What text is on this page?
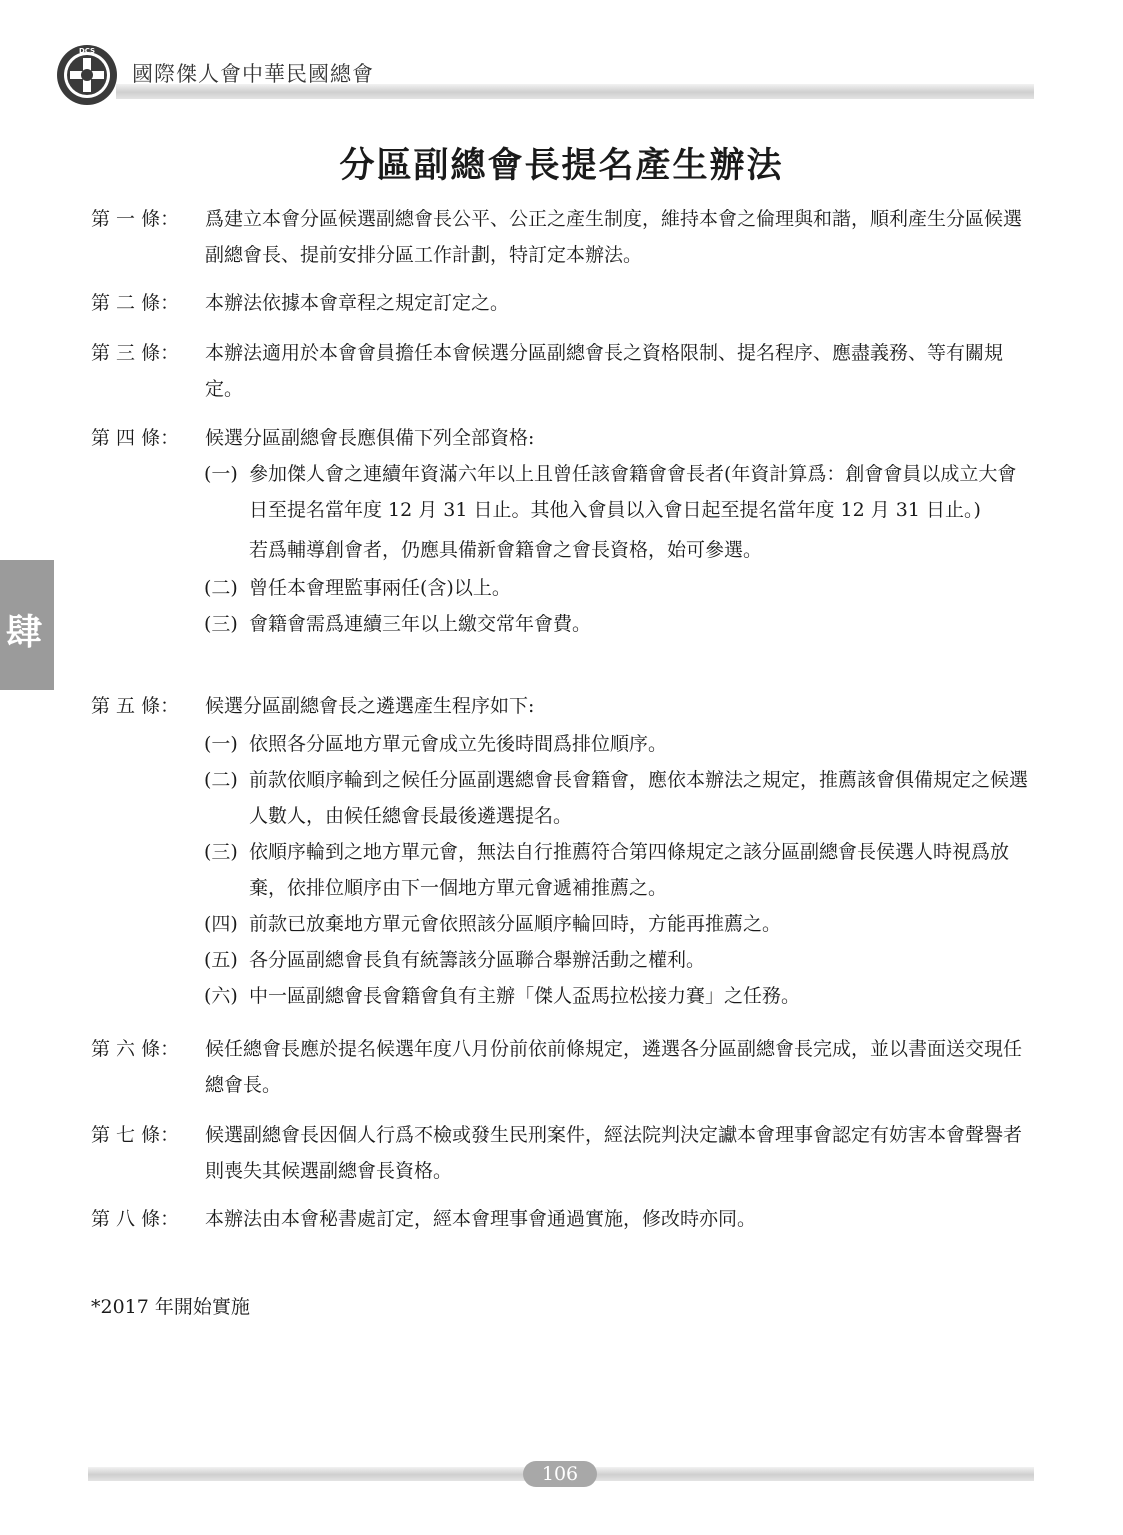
DCS
國際傑人會中華民國總會
分區副總會長提名產生辦法
肆
第 一 條：	爲建立本會分區候選副總會長公平、公正之產生制度，維持本會之倫理與和諧，順利產生分區候選副總會長、提前安排分區工作計劃，特訂定本辦法。
第 二 條：	本辦法依據本會章程之規定訂定之。
第 三 條：	本辦法適用於本會會員擔任本會候選分區副總會長之資格限制、提名程序、應盡義務、等有關規定。
第 四 條：	候選分區副總會長應俱備下列全部資格:
(一) 參加傑人會之連續年資滿六年以上且曾任該會籍會會長者(年資計算爲：創會會員以成立大會日至提名當年度 12 月 31 日止。其他入會員以入會日起至提名當年度 12 月 31 日止。)
若爲輔導創會者，仍應具備新會籍會之會長資格，始可參選。
(二) 曾任本會理監事兩任(含)以上。
(三) 會籍會需爲連續三年以上繳交常年會費。
第 五 條：	候選分區副總會長之遴選產生程序如下:
(一) 依照各分區地方單元會成立先後時間爲排位順序。
(二) 前款依順序輪到之候任分區副選總會長會籍會，應依本辦法之規定，推薦該會俱備規定之候選人數人，由候任總會長最後遴選提名。
(三) 依順序輪到之地方單元會，無法自行推薦符合第四條規定之該分區副總會長侯選人時視爲放棄，依排位順序由下一個地方單元會遞補推薦之。
(四) 前款已放棄地方單元會依照該分區順序輪回時，方能再推薦之。
(五) 各分區副總會長負有統籌該分區聯合舉辦活動之權利。
(六) 中一區副總會長會籍會負有主辦「傑人盃馬拉松接力賽」之任務。
第 六 條：	候任總會長應於提名候選年度八月份前依前條規定，遴選各分區副總會長完成，並以書面送交現任總會長。
第 七 條：	候選副總會長因個人行爲不檢或發生民刑案件，經法院判決定讞本會理事會認定有妨害本會聲譽者則喪失其候選副總會長資格。
第 八 條：	本辦法由本會秘書處訂定，經本會理事會通過實施，修改時亦同。
*2017 年開始實施
106
